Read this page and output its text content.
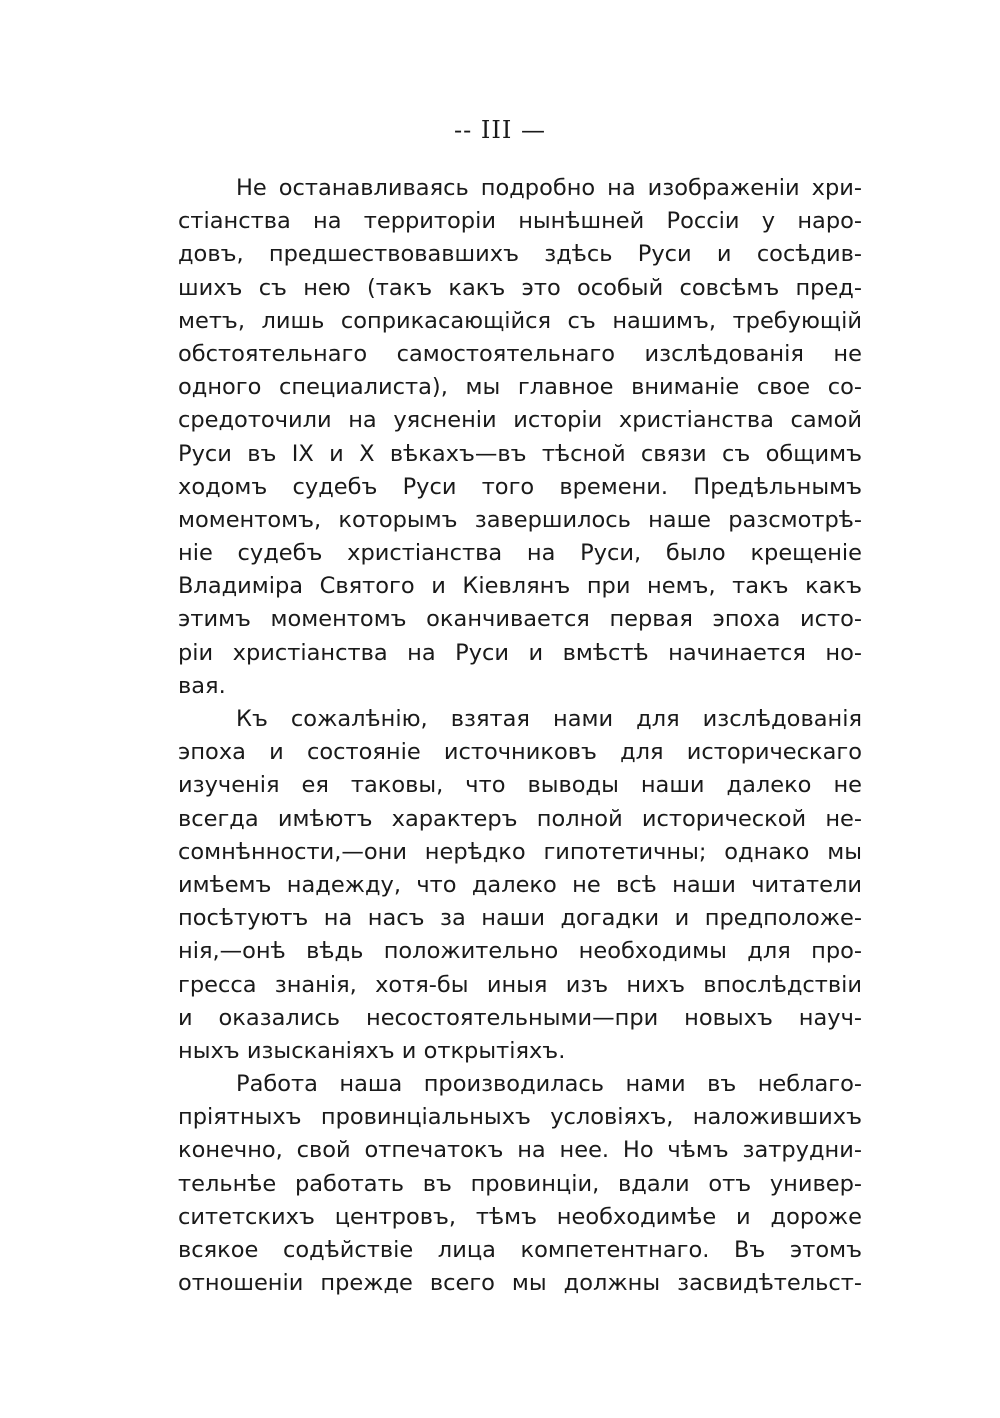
-- III —
Не останавливаясь подробно на изображенiи хри-
стiанства на территорiи нынѣшней Россiи у наро-
довъ, предшествовавшихъ здѣсь Руси и сосѣдив-
шихъ съ нею (такъ какъ это особый совсѣмъ пред-
метъ, лишь соприкасающiйся съ нашимъ, требующiй
обстоятельнаго самостоятельнаго изслѣдованiя не
одного специалиста), мы главное вниманiе свое со-
средоточили на уясненiи исторiи христiанства самой
Руси въ IX и X вѣкахъ—въ тѣсной связи съ общимъ
ходомъ судебъ Руси того времени. Предѣльнымъ
моментомъ, которымъ завершилось наше разсмотрѣ-
нiе судебъ христiанства на Руси, было крещенiе
Владимiра Святого и Кiевлянъ при немъ, такъ какъ
этимъ моментомъ оканчивается первая эпоха исто-
рiи христiанства на Руси и вмѣстѣ начинается но-
вая.
Къ сожалѣнiю, взятая нами для изслѣдованiя
эпоха и состоянiе источниковъ для историческаго
изученiя ея таковы, что выводы наши далеко не
всегда имѣютъ характеръ полной исторической не-
сомнѣнности,—они нерѣдко гипотетичны; однако мы
имѣемъ надежду, что далеко не всѣ наши читатели
посѣтуютъ на насъ за наши догадки и предположе-
нiя,—онѣ вѣдь положительно необходимы для про-
гресса знанiя, хотя-бы иныя изъ нихъ впослѣдствiи
и оказались несостоятельными—при новыхъ науч-
ныхъ изысканiяхъ и открытiяхъ.
Работа наша производилась нами въ неблаго-
прiятныхъ провинцiальныхъ условiяхъ, наложившихъ
конечно, свой отпечатокъ на нее. Но чѣмъ затрудни-
тельнѣе работать въ провинцiи, вдали отъ универ-
ситетскихъ центровъ, тѣмъ необходимѣе и дороже
всякое содѣйствiе лица компетентнаго. Въ этомъ
отношенiи прежде всего мы должны засвидѣтельст-
